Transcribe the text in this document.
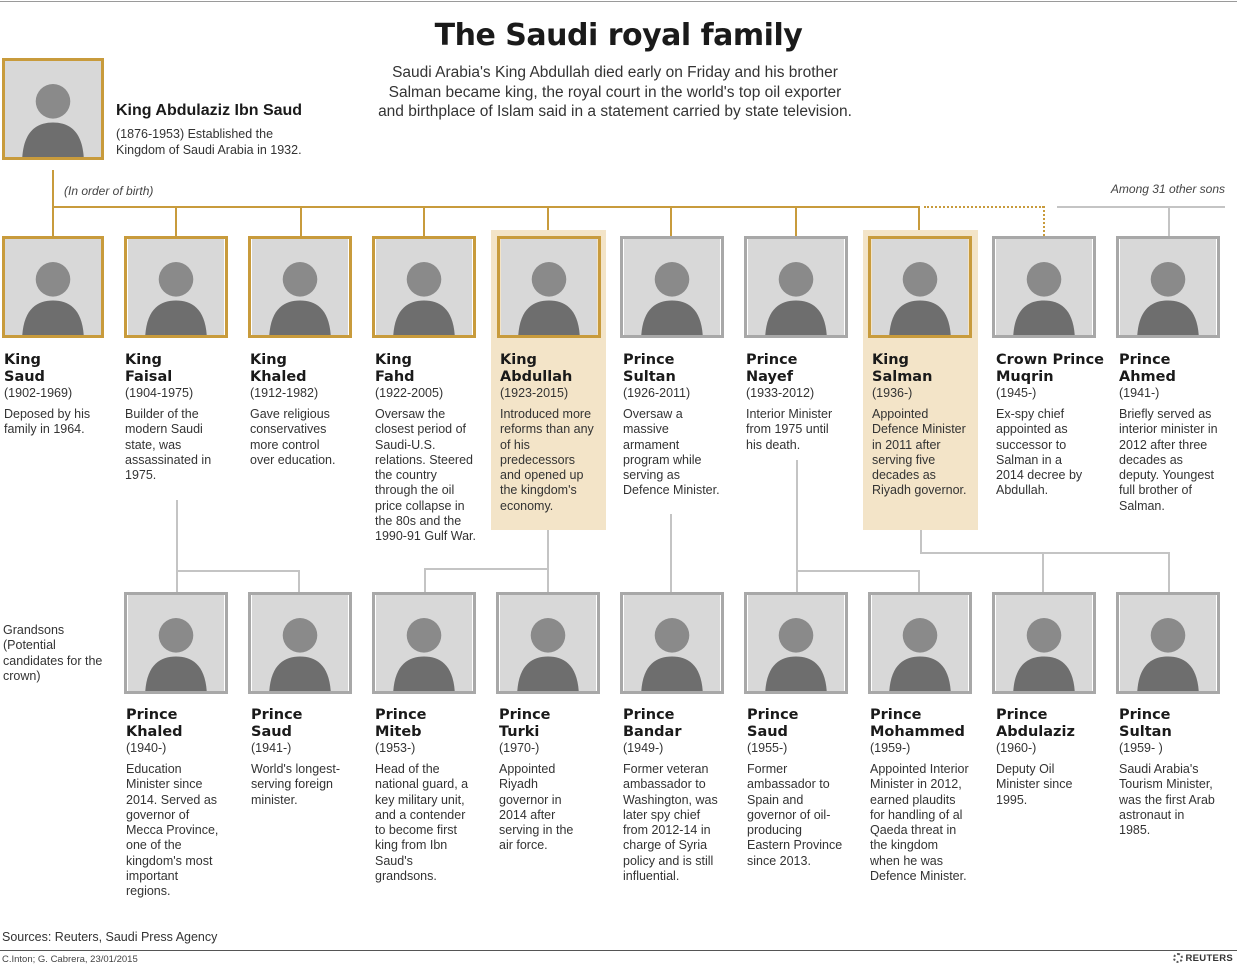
The Saudi royal family
Saudi Arabia's King Abdullah died early on Friday and his brother Salman became king, the royal court in the world's top oil exporter and birthplace of Islam said in a statement carried by state television.
King Abdulaziz Ibn Saud
(1876-1953) Established the Kingdom of Saudi Arabia in 1932.
(In order of birth)	Among 31 other sons
King Saud
(1902-1969)
Deposed by his family in 1964.
King Faisal
(1904-1975)
Builder of the modern Saudi state, was assassinated in 1975.
King Khaled
(1912-1982)
Gave religious conservatives more control over education.
King Fahd
(1922-2005)
Oversaw the closest period of Saudi-U.S. relations. Steered the country through the oil price collapse in the 80s and the 1990-91 Gulf War.
King Abdullah
(1923-2015)
Introduced more reforms than any of his predecessors and opened up the kingdom's economy.
Prince Sultan
(1926-2011)
Oversaw a massive armament program while serving as Defence Minister.
Prince Nayef
(1933-2012)
Interior Minister from 1975 until his death.
King Salman
(1936-)
Appointed Defence Minister in 2011 after serving five decades as Riyadh governor.
Crown Prince Muqrin
(1945-)
Ex-spy chief appointed as successor to Salman in a 2014 decree by Abdullah.
Prince Ahmed
(1941-)
Briefly served as interior minister in 2012 after three decades as deputy. Youngest full brother of Salman.
Grandsons (Potential candidates for the crown)
Prince Khaled
(1940-)
Education Minister since 2014. Served as governor of Mecca Province, one of the kingdom's most important regions.
Prince Saud
(1941-)
World's longest-serving foreign minister.
Prince Miteb
(1953-)
Head of the national guard, a key military unit, and a contender to become first king from Ibn Saud's grandsons.
Prince Turki
(1970-)
Appointed Riyadh governor in 2014 after serving in the air force.
Prince Bandar
(1949-)
Former veteran ambassador to Washington, was later spy chief from 2012-14 in charge of Syria policy and is still influential.
Prince Saud
(1955-)
Former ambassador to Spain and governor of oil-producing Eastern Province since 2013.
Prince Mohammed
(1959-)
Appointed Interior Minister in 2012, earned plaudits for handling of al Qaeda threat in the kingdom when he was Defence Minister.
Prince Abdulaziz
(1960-)
Deputy Oil Minister since 1995.
Prince Sultan
(1959- )
Saudi Arabia's Tourism Minister, was the first Arab astronaut in 1985.
Sources: Reuters, Saudi Press Agency
C.Inton; G. Cabrera, 23/01/2015	REUTERS
